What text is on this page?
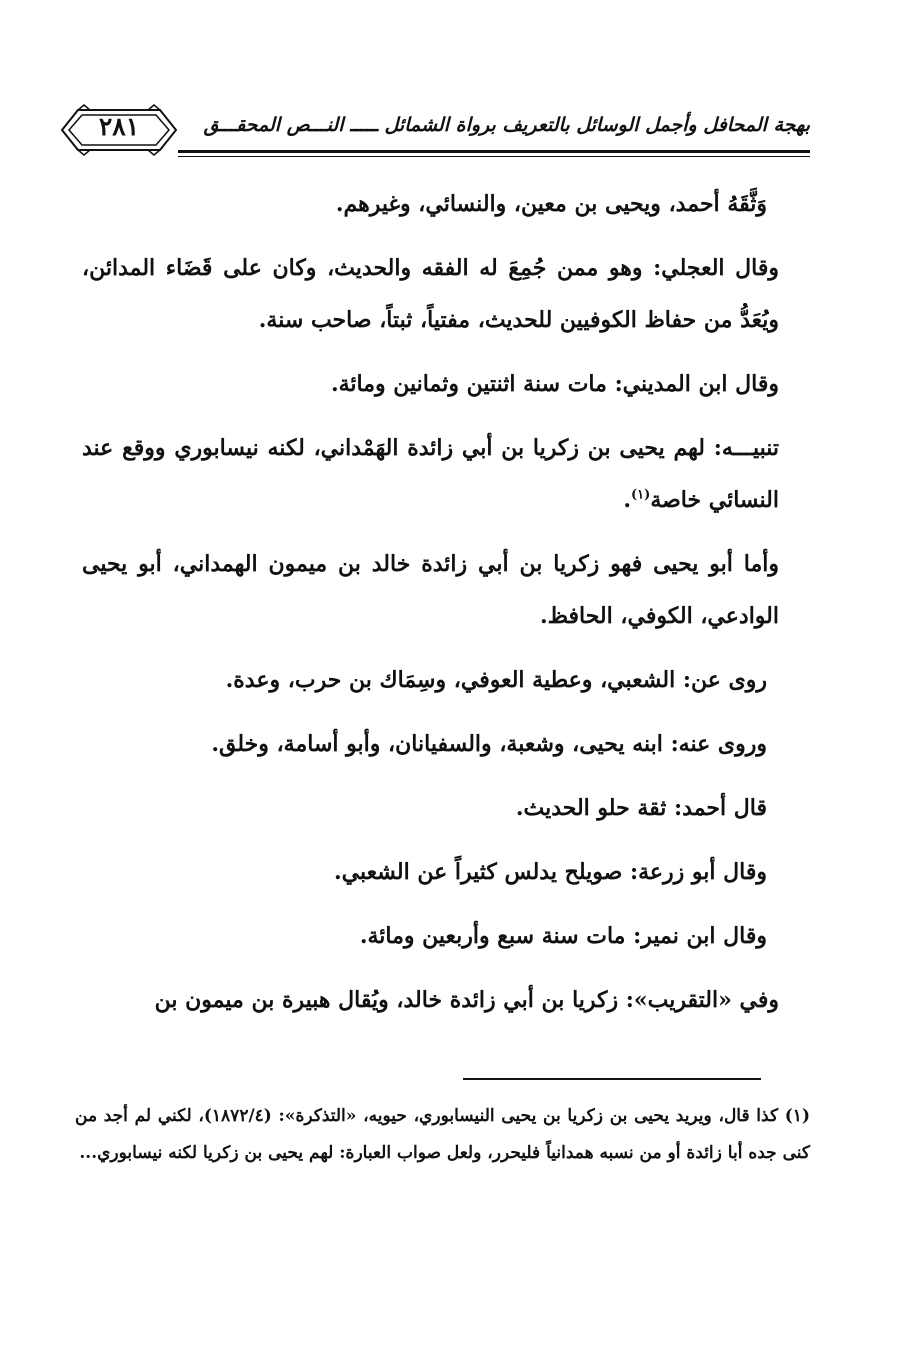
٢٨١	بهجة المحافل وأجمل الوسائل بالتعريف برواة الشمائل ـــــ النـــص المحقـــق

وَثَّقَهُ أحمد، ويحيى بن معين، والنسائي، وغيرهم.

وقال العجلي: وهو ممن جُمِعَ له الفقه والحديث، وكان على قَضَاء المدائن، ويُعَدُّ من حفاظ الكوفيين للحديث، مفتياً، ثبتاً، صاحب سنة.

وقال ابن المديني: مات سنة اثنتين وثمانين ومائة.

تنبيـــه: لهم يحيى بن زكريا بن أبي زائدة الهَمْداني، لكنه نيسابوري ووقع عند النسائي خاصة$^{(١)}$.

وأما أبو يحيى فهو زكريا بن أبي زائدة خالد بن ميمون الهمداني، أبو يحيى الوادعي، الكوفي، الحافظ.

روى عن: الشعبي، وعطية العوفي، وسِمَاك بن حرب، وعدة.

وروى عنه: ابنه يحيى، وشعبة، والسفيانان، وأبو أسامة، وخلق.

قال أحمد: ثقة حلو الحديث.

وقال أبو زرعة: صويلح يدلس كثيراً عن الشعبي.

وقال ابن نمير: مات سنة سبع وأربعين ومائة.

وفي «التقريب»: زكريا بن أبي زائدة خالد، ويُقال هبيرة بن ميمون بن

(١) كذا قال، ويريد يحيى بن زكريا بن يحيى النيسابوري، حيويه، «التذكرة»: (١٨٧٢/٤)، لكني لم أجد من كنى جده أبا زائدة أو من نسبه همدانياً فليحرر، ولعل صواب العبارة: لهم يحيى بن زكريا لكنه نيسابوري...
